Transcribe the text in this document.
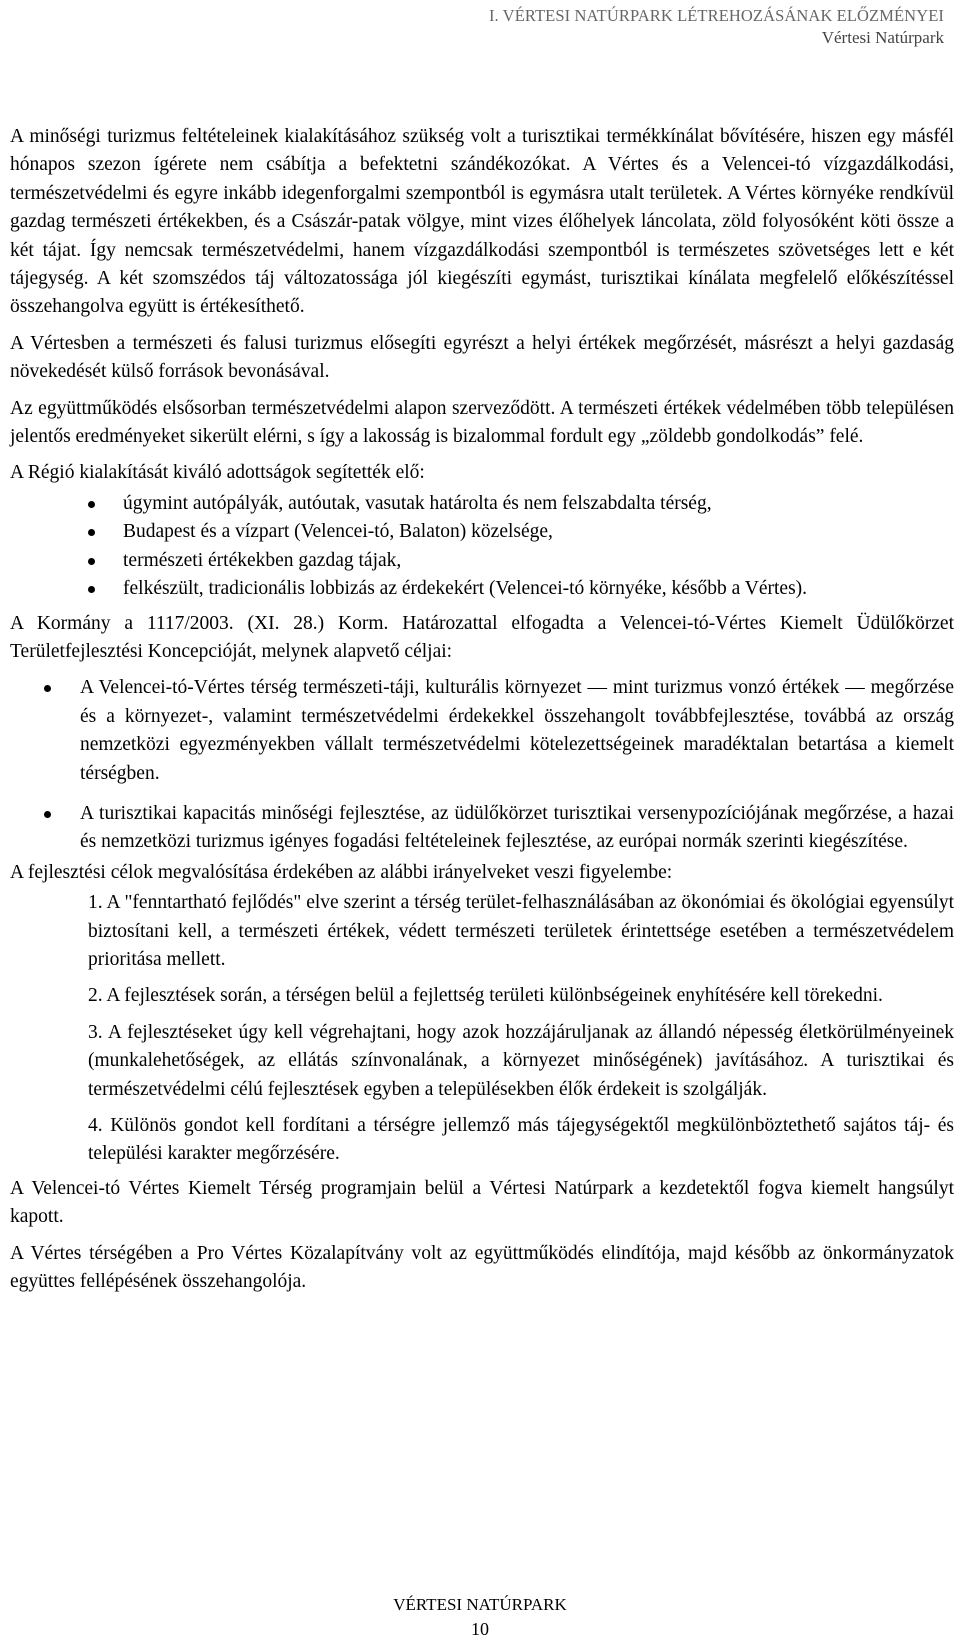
I. VÉRTESI NATÚRPARK LÉTREHOZÁSÁNAK ELŐZMÉNYEI
Vértesi Natúrpark

A minőségi turizmus feltételeinek kialakításához szükség volt a turisztikai termékkínálat bővítésére, hiszen egy másfél hónapos szezon ígérete nem csábítja a befektetni szándékozókat. A Vértes és a Velencei-tó vízgazdálkodási, természetvédelmi és egyre inkább idegenforgalmi szempontból is egymásra utalt területek. A Vértes környéke rendkívül gazdag természeti értékekben, és a Császár-patak völgye, mint vizes élőhelyek láncolata, zöld folyosóként köti össze a két tájat. Így nemcsak természetvédelmi, hanem vízgazdálkodási szempontból is természetes szövetséges lett e két tájegység. A két szomszédos táj változatossága jól kiegészíti egymást, turisztikai kínálata megfelelő előkészítéssel összehangolva együtt is értékesíthető.

A Vértesben a természeti és falusi turizmus elősegíti egyrészt a helyi értékek megőrzését, másrészt a helyi gazdaság növekedését külső források bevonásával.

Az együttműködés elsősorban természetvédelmi alapon szerveződött. A természeti értékek védelmében több településen jelentős eredményeket sikerült elérni, s így a lakosság is bizalommal fordult egy „zöldebb gondolkodás” felé.

A Régió kialakítását kiváló adottságok segítették elő:

úgymint autópályák, autóutak, vasutak határolta és nem felszabdalta térség,
Budapest és a vízpart (Velencei-tó, Balaton) közelsége,
természeti értékekben gazdag tájak,
felkészült, tradicionális lobbizás az érdekekért (Velencei-tó környéke, később a Vértes).

A Kormány a 1117/2003. (XI. 28.) Korm. Határozattal elfogadta a Velencei-tó-Vértes Kiemelt Üdülőkörzet Területfejlesztési Koncepcióját, melynek alapvető céljai:

A Velencei-tó-Vértes térség természeti-táji, kulturális környezet — mint turizmus vonzó értékek — megőrzése és a környezet-, valamint természetvédelmi érdekekkel összehangolt továbbfejlesztése, továbbá az ország nemzetközi egyezményekben vállalt természetvédelmi kötelezettségeinek maradéktalan betartása a kiemelt térségben.
A turisztikai kapacitás minőségi fejlesztése, az üdülőkörzet turisztikai versenypozíciójának megőrzése, a hazai és nemzetközi turizmus igényes fogadási feltételeinek fejlesztése, az európai normák szerinti kiegészítése.

A fejlesztési célok megvalósítása érdekében az alábbi irányelveket veszi figyelembe:

1. A "fenntartható fejlődés" elve szerint a térség terület-felhasználásában az ökonómiai és ökológiai egyensúlyt biztosítani kell, a természeti értékek, védett természeti területek érintettsége esetében a természetvédelem prioritása mellett.
2. A fejlesztések során, a térségen belül a fejlettség területi különbségeinek enyhítésére kell törekedni.
3. A fejlesztéseket úgy kell végrehajtani, hogy azok hozzájáruljanak az állandó népesség életkörülményeinek (munkalehetőségek, az ellátás színvonalának, a környezet minőségének) javításához. A turisztikai és természetvédelmi célú fejlesztések egyben a településekben élők érdekeit is szolgálják.
4. Különös gondot kell fordítani a térségre jellemző más tájegységektől megkülönböztethető sajátos táj- és települési karakter megőrzésére.

A Velencei-tó Vértes Kiemelt Térség programjain belül a Vértesi Natúrpark a kezdetektől fogva kiemelt hangsúlyt kapott.

A Vértes térségében a Pro Vértes Közalapítvány volt az együttműködés elindítója, majd később az önkormányzatok együttes fellépésének összehangolója.

VÉRTESI NATÚRPARK
10
